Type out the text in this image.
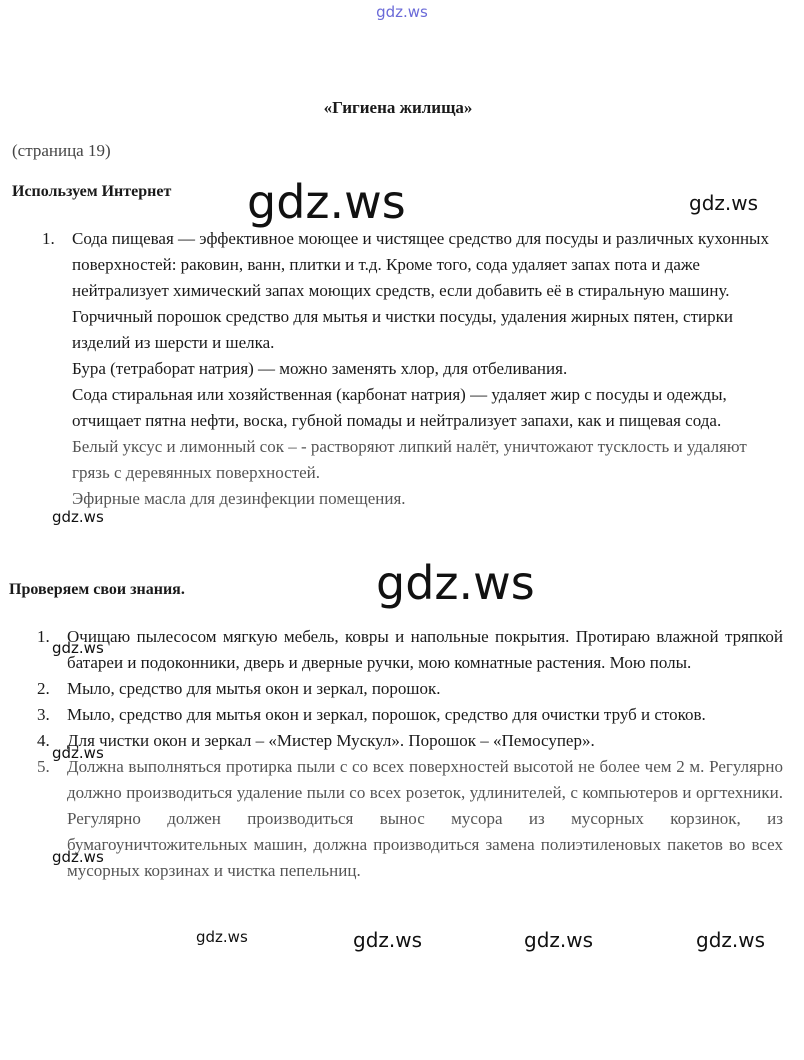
gdz.ws
«Гигиена жилища»
(страница 19)
Используем Интернет
1. Сода пищевая — эффективное моющее и чистящее средство для посуды и различных кухонных поверхностей: раковин, ванн, плитки и т.д. Кроме того, сода удаляет запах пота и даже нейтрализует химический запах моющих средств, если добавить её в стиральную машину.
Горчичный порошок средство для мытья и чистки посуды, удаления жирных пятен, стирки изделий из шерсти и шелка.
Бура (тетраборат натрия) — можно заменять хлор, для отбеливания.
Сода стиральная или хозяйственная (карбонат натрия) — удаляет жир с посуды и одежды, отчищает пятна нефти, воска, губной помады и нейтрализует запахи, как и пищевая сода.
Белый уксус и лимонный сок – - растворяют липкий налёт, уничтожают тусклость и удаляют грязь с деревянных поверхностей.
Эфирные масла для дезинфекции помещения.
Проверяем свои знания.
1. Очищаю пылесосом мягкую мебель, ковры и напольные покрытия. Протираю влажной тряпкой батареи и подоконники, дверь и дверные ручки, мою комнатные растения. Мою полы.
2. Мыло, средство для мытья окон и зеркал, порошок.
3. Мыло, средство для мытья окон и зеркал, порошок, средство для очистки труб и стоков.
4. Для чистки окон и зеркал – «Мистер Мускул». Порошок – «Пемосупер».
5. Должна выполняться протирка пыли с со всех поверхностей высотой не более чем 2 м. Регулярно должно производиться удаление пыли со всех розеток, удлинителей, с компьютеров и оргтехники. Регулярно должен производиться вынос мусора из мусорных корзинок, из бумагоуничтожительных машин, должна производиться замена полиэтиленовых пакетов во всех мусорных корзинах и чистка пепельниц.
gdz.ws	gdz.ws
gdz.ws
gdz.ws
gdz.ws
gdz.ws
gdz.ws
gdz.ws	gdz.ws	gdz.ws	gdz.ws
